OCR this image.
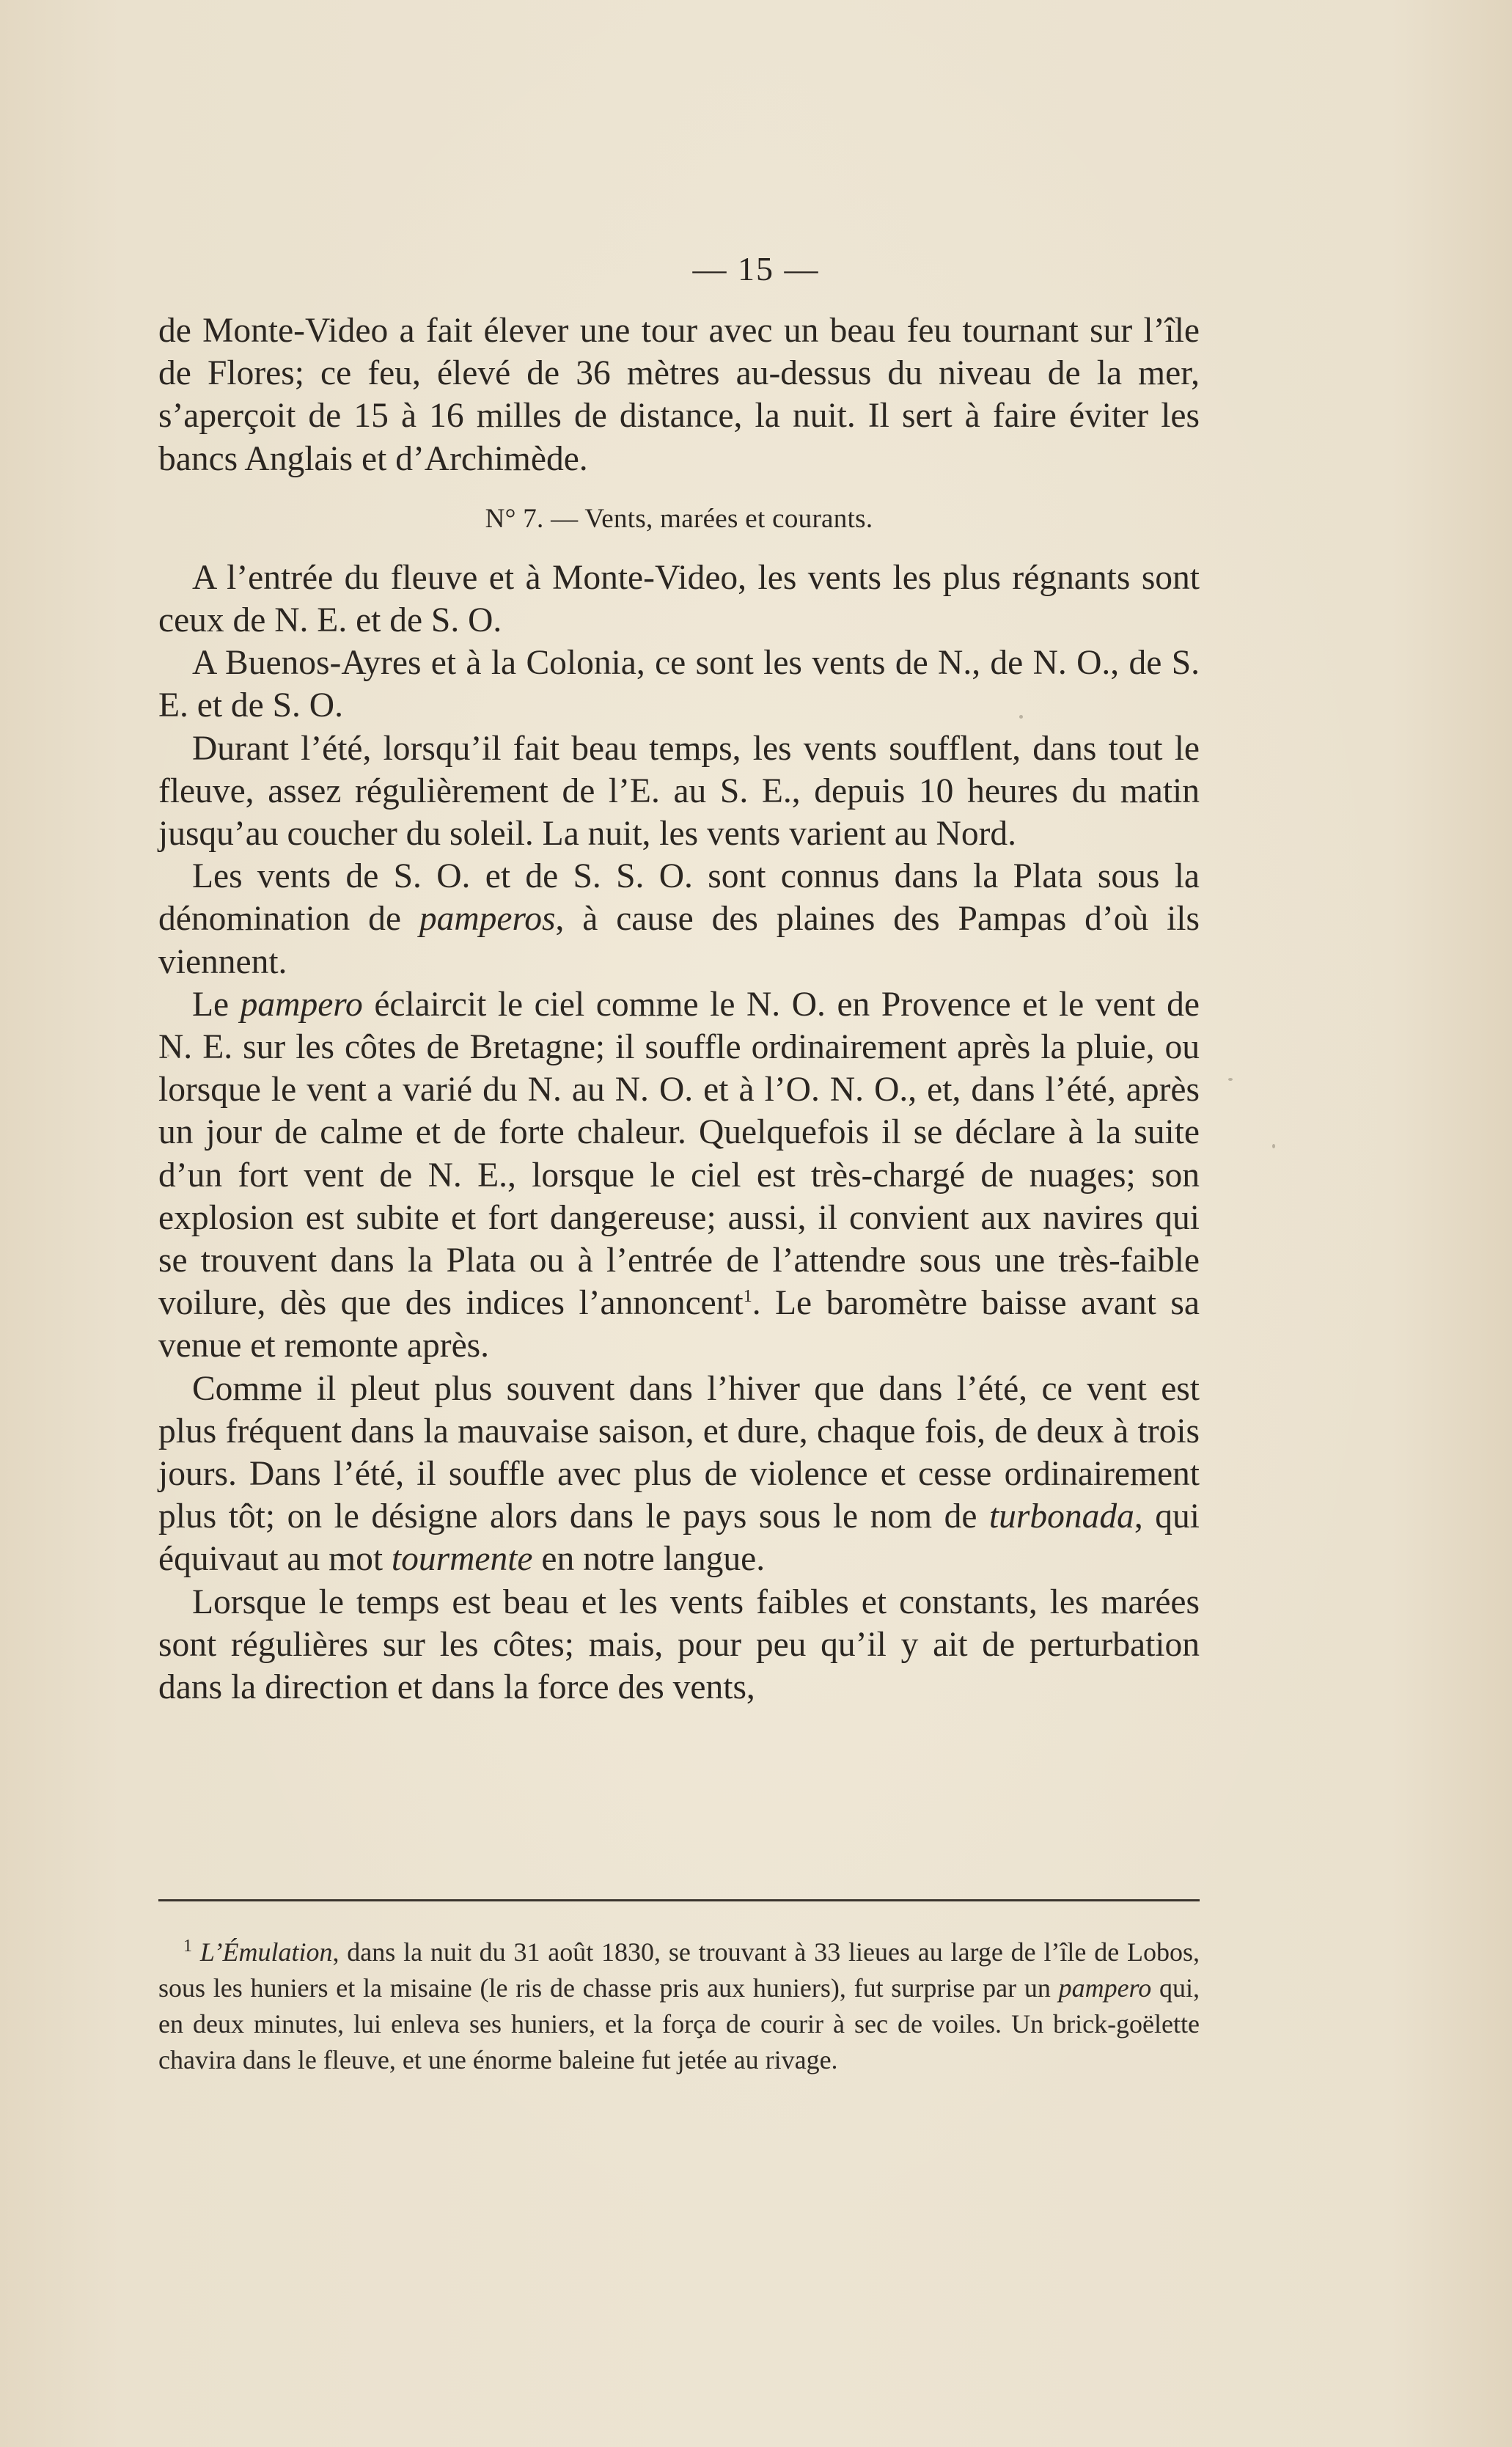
— 15 —

de Monte-Video a fait élever une tour avec un beau feu tournant sur l’île de Flores; ce feu, élevé de 36 mètres au-dessus du niveau de la mer, s’aperçoit de 15 à 16 milles de distance, la nuit. Il sert à faire éviter les bancs Anglais et d’Archimède.

N° 7. — Vents, marées et courants.

A l’entrée du fleuve et à Monte-Video, les vents les plus régnants sont ceux de N. E. et de S. O.

A Buenos-Ayres et à la Colonia, ce sont les vents de N., de N. O., de S. E. et de S. O.

Durant l’été, lorsqu’il fait beau temps, les vents soufflent, dans tout le fleuve, assez régulièrement de l’E. au S. E., depuis 10 heures du matin jusqu’au coucher du soleil. La nuit, les vents varient au Nord.

Les vents de S. O. et de S. S. O. sont connus dans la Plata sous la dénomination de pamperos, à cause des plaines des Pampas d’où ils viennent.

Le pampero éclaircit le ciel comme le N. O. en Provence et le vent de N. E. sur les côtes de Bretagne; il souffle ordinairement après la pluie, ou lorsque le vent a varié du N. au N. O. et à l’O. N. O., et, dans l’été, après un jour de calme et de forte chaleur. Quelquefois il se déclare à la suite d’un fort vent de N. E., lorsque le ciel est très-chargé de nuages; son explosion est subite et fort dangereuse; aussi, il convient aux navires qui se trouvent dans la Plata ou à l’entrée de l’attendre sous une très-faible voilure, dès que des indices l’annoncent$^1$. Le baromètre baisse avant sa venue et remonte après.

Comme il pleut plus souvent dans l’hiver que dans l’été, ce vent est plus fréquent dans la mauvaise saison, et dure, chaque fois, de deux à trois jours. Dans l’été, il souffle avec plus de violence et cesse ordinairement plus tôt; on le désigne alors dans le pays sous le nom de turbonada, qui équivaut au mot tourmente en notre langue.

Lorsque le temps est beau et les vents faibles et constants, les marées sont régulières sur les côtes; mais, pour peu qu’il y ait de perturbation dans la direction et dans la force des vents,

$^1$ L’Émulation, dans la nuit du 31 août 1830, se trouvant à 33 lieues au large de l’île de Lobos, sous les huniers et la misaine (le ris de chasse pris aux huniers), fut surprise par un pampero qui, en deux minutes, lui enleva ses huniers, et la força de courir à sec de voiles. Un brick-goëlette chavira dans le fleuve, et une énorme baleine fut jetée au rivage.
